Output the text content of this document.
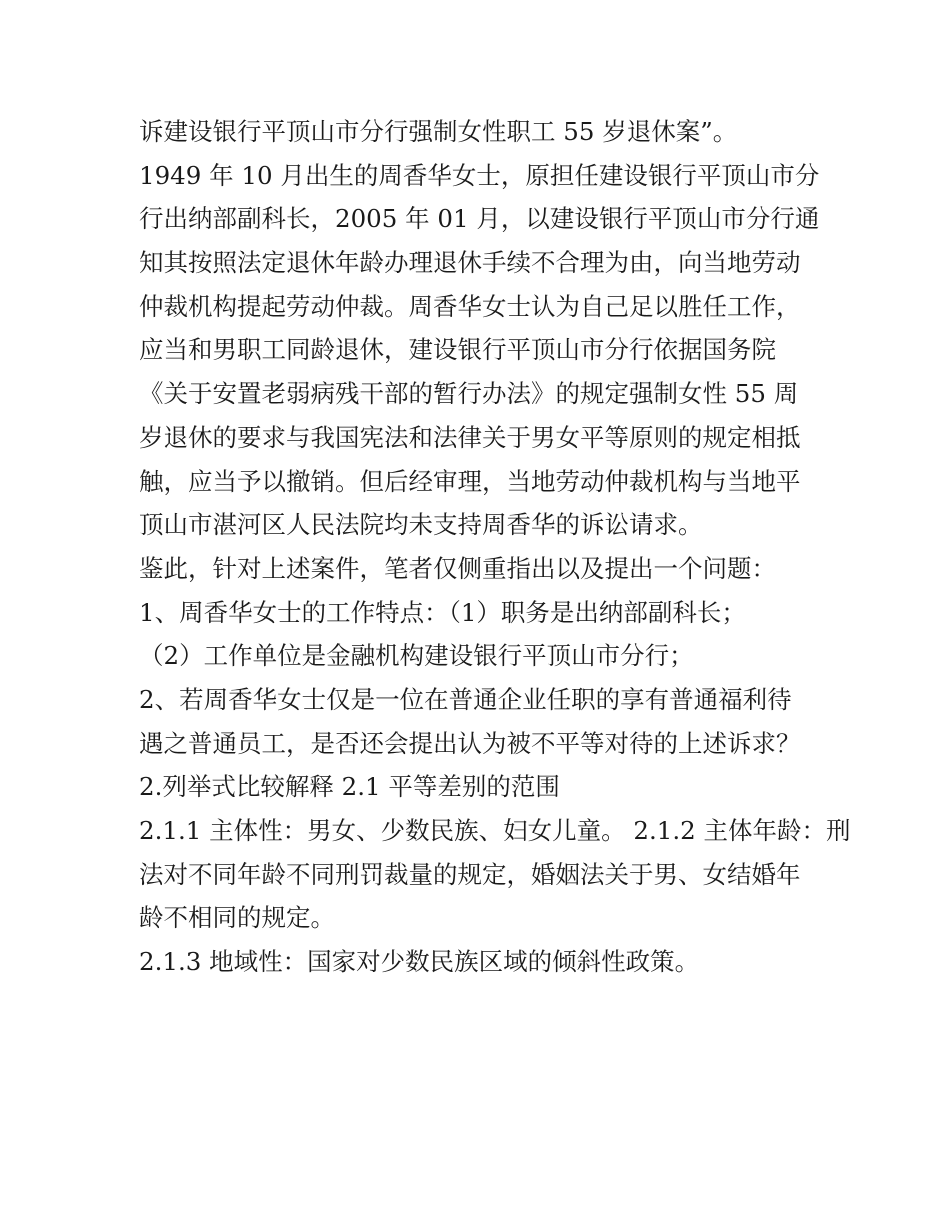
诉建设银行平顶山市分行强制女性职工 55 岁退休案”。
1949 年 10 月出生的周香华女士，原担任建设银行平顶山市分
行出纳部副科长，2005 年 01 月，以建设银行平顶山市分行通
知其按照法定退休年龄办理退休手续不合理为由，向当地劳动
仲裁机构提起劳动仲裁。周香华女士认为自己足以胜任工作，
应当和男职工同龄退休，建设银行平顶山市分行依据国务院
《关于安置老弱病残干部的暂行办法》的规定强制女性 55 周
岁退休的要求与我国宪法和法律关于男女平等原则的规定相抵
触，应当予以撤销。但后经审理，当地劳动仲裁机构与当地平
顶山市湛河区人民法院均未支持周香华的诉讼请求。
鉴此，针对上述案件，笔者仅侧重指出以及提出一个问题：
1、周香华女士的工作特点：（1）职务是出纳部副科长；
（2）工作单位是金融机构建设银行平顶山市分行；
2、若周香华女士仅是一位在普通企业任职的享有普通福利待
遇之普通员工，是否还会提出认为被不平等对待的上述诉求？
2.列举式比较解释 2.1 平等差别的范围
2.1.1 主体性：男女、少数民族、妇女儿童。 2.1.2 主体年龄：刑
法对不同年龄不同刑罚裁量的规定，婚姻法关于男、女结婚年
龄不相同的规定。
2.1.3 地域性：国家对少数民族区域的倾斜性政策。
